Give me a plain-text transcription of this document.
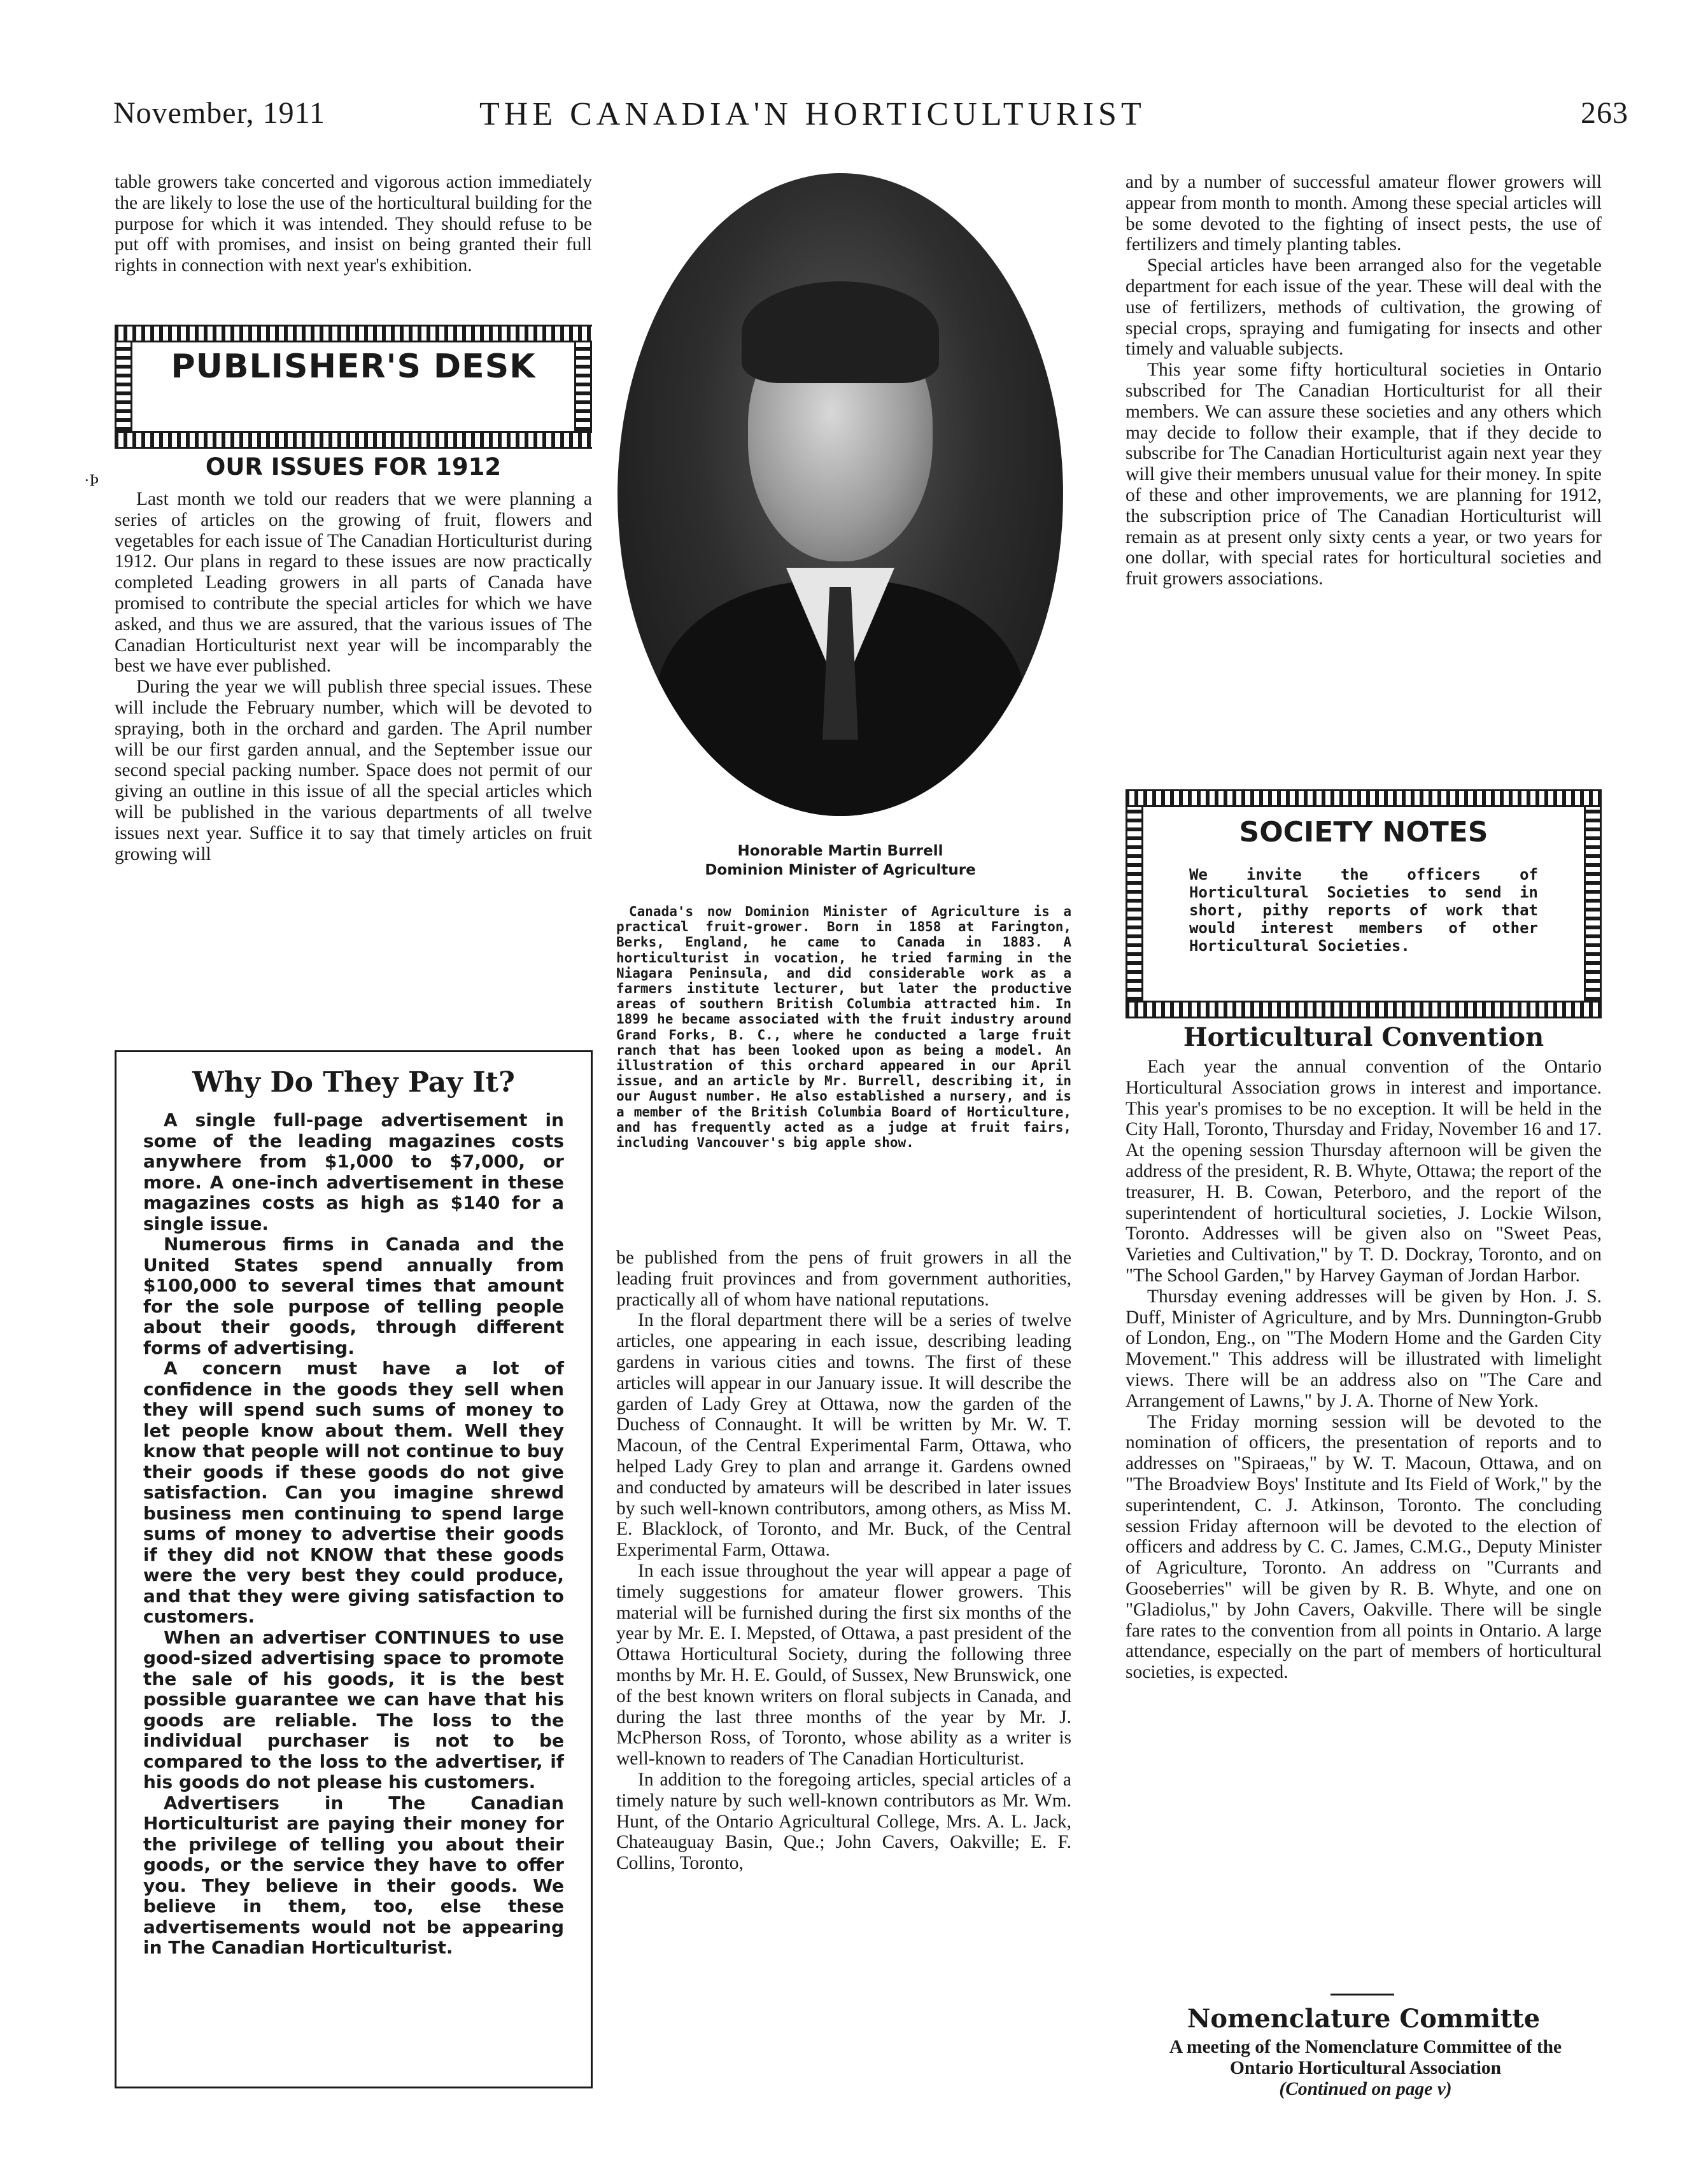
November, 1911	THE CANADIA'N HORTICULTURIST	263

table growers take concerted and vigorous action immediately the are likely to lose the use of the horticultural building for the purpose for which it was intended. They should refuse to be put off with promises, and insist on being granted their full rights in connection with next year's exhibition.

PUBLISHER'S DESK
OUR ISSUES FOR 1912
·Þ

Last month we told our readers that we were planning a series of articles on the growing of fruit, flowers and vegetables for each issue of The Canadian Horticulturist during 1912. Our plans in regard to these issues are now practically completed Leading growers in all parts of Canada have promised to contribute the special articles for which we have asked, and thus we are assured, that the various issues of The Canadian Horticulturist next year will be incomparably the best we have ever published.

During the year we will publish three special issues. These will include the February number, which will be devoted to spraying, both in the orchard and garden. The April number will be our first garden annual, and the September issue our second special packing number. Space does not permit of our giving an outline in this issue of all the special articles which will be published in the various departments of all twelve issues next year. Suffice it to say that timely articles on fruit growing will

Why Do They Pay It?

A single full-page advertisement in some of the leading magazines costs anywhere from $1,000 to $7,000, or more. A one-inch advertisement in these magazines costs as high as $140 for a single issue.

Numerous firms in Canada and the United States spend annually from $100,000 to several times that amount for the sole purpose of telling people about their goods, through different forms of advertising.

A concern must have a lot of confidence in the goods they sell when they will spend such sums of money to let people know about them. Well they know that people will not continue to buy their goods if these goods do not give satisfaction. Can you imagine shrewd business men continuing to spend large sums of money to advertise their goods if they did not KNOW that these goods were the very best they could produce, and that they were giving satisfaction to customers.

When an advertiser CONTINUES to use good-sized advertising space to promote the sale of his goods, it is the best possible guarantee we can have that his goods are reliable. The loss to the individual purchaser is not to be compared to the loss to the advertiser, if his goods do not please his customers.

Advertisers in The Canadian Horticulturist are paying their money for the privilege of telling you about their goods, or the service they have to offer you. They believe in their goods. We believe in them, too, else these advertisements would not be appearing in The Canadian Horticulturist.

Honorable Martin Burrell
Dominion Minister of Agriculture

Canada's now Dominion Minister of Agriculture is a practical fruit-grower. Born in 1858 at Farington, Berks, England, he came to Canada in 1883. A horticulturist in vocation, he tried farming in the Niagara Peninsula, and did considerable work as a farmers institute lecturer, but later the productive areas of southern British Columbia attracted him. In 1899 he became associated with the fruit industry around Grand Forks, B. C., where he conducted a large fruit ranch that has been looked upon as being a model. An illustration of this orchard appeared in our April issue, and an article by Mr. Burrell, describing it, in our August number. He also established a nursery, and is a member of the British Columbia Board of Horticulture, and has frequently acted as a judge at fruit fairs, including Vancouver's big apple show.

be published from the pens of fruit growers in all the leading fruit provinces and from government authorities, practically all of whom have national reputations.

In the floral department there will be a series of twelve articles, one appearing in each issue, describing leading gardens in various cities and towns. The first of these articles will appear in our January issue. It will describe the garden of Lady Grey at Ottawa, now the garden of the Duchess of Connaught. It will be written by Mr. W. T. Macoun, of the Central Experimental Farm, Ottawa, who helped Lady Grey to plan and arrange it. Gardens owned and conducted by amateurs will be described in later issues by such well-known contributors, among others, as Miss M. E. Blacklock, of Toronto, and Mr. Buck, of the Central Experimental Farm, Ottawa.

In each issue throughout the year will appear a page of timely suggestions for amateur flower growers. This material will be furnished during the first six months of the year by Mr. E. I. Mepsted, of Ottawa, a past president of the Ottawa Horticultural Society, during the following three months by Mr. H. E. Gould, of Sussex, New Brunswick, one of the best known writers on floral subjects in Canada, and during the last three months of the year by Mr. J. McPherson Ross, of Toronto, whose ability as a writer is well-known to readers of The Canadian Horticulturist.

In addition to the foregoing articles, special articles of a timely nature by such well-known contributors as Mr. Wm. Hunt, of the Ontario Agricultural College, Mrs. A. L. Jack, Chateauguay Basin, Que.; John Cavers, Oakville; E. F. Collins, Toronto,

and by a number of successful amateur flower growers will appear from month to month. Among these special articles will be some devoted to the fighting of insect pests, the use of fertilizers and timely planting tables.

Special articles have been arranged also for the vegetable department for each issue of the year. These will deal with the use of fertilizers, methods of cultivation, the growing of special crops, spraying and fumigating for insects and other timely and valuable subjects.

This year some fifty horticultural societies in Ontario subscribed for The Canadian Horticulturist for all their members. We can assure these societies and any others which may decide to follow their example, that if they decide to subscribe for The Canadian Horticulturist again next year they will give their members unusual value for their money. In spite of these and other improvements, we are planning for 1912, the subscription price of The Canadian Horticulturist will remain as at present only sixty cents a year, or two years for one dollar, with special rates for horticultural societies and fruit growers associations.

SOCIETY NOTES
We invite the officers of Horticultural Societies to send in short, pithy reports of work that would interest members of other Horticultural Societies.
Horticultural Convention

Each year the annual convention of the Ontario Horticultural Association grows in interest and importance. This year's promises to be no exception. It will be held in the City Hall, Toronto, Thursday and Friday, November 16 and 17. At the opening session Thursday afternoon will be given the address of the president, R. B. Whyte, Ottawa; the report of the treasurer, H. B. Cowan, Peterboro, and the report of the superintendent of horticultural societies, J. Lockie Wilson, Toronto. Addresses will be given also on "Sweet Peas, Varieties and Cultivation," by T. D. Dockray, Toronto, and on "The School Garden," by Harvey Gayman of Jordan Harbor.

Thursday evening addresses will be given by Hon. J. S. Duff, Minister of Agriculture, and by Mrs. Dunnington-Grubb of London, Eng., on "The Modern Home and the Garden City Movement." This address will be illustrated with limelight views. There will be an address also on "The Care and Arrangement of Lawns," by J. A. Thorne of New York.

The Friday morning session will be devoted to the nomination of officers, the presentation of reports and to addresses on "Spiraeas," by W. T. Macoun, Ottawa, and on "The Broadview Boys' Institute and Its Field of Work," by the superintendent, C. J. Atkinson, Toronto. The concluding session Friday afternoon will be devoted to the election of officers and address by C. C. James, C.M.G., Deputy Minister of Agriculture, Toronto. An address on "Currants and Gooseberries" will be given by R. B. Whyte, and one on "Gladiolus," by John Cavers, Oakville. There will be single fare rates to the convention from all points in Ontario. A large attendance, especially on the part of members of horticultural societies, is expected.

Nomenclature Committe
A meeting of the Nomenclature Committee of the Ontario Horticultural Association
(Continued on page v)
